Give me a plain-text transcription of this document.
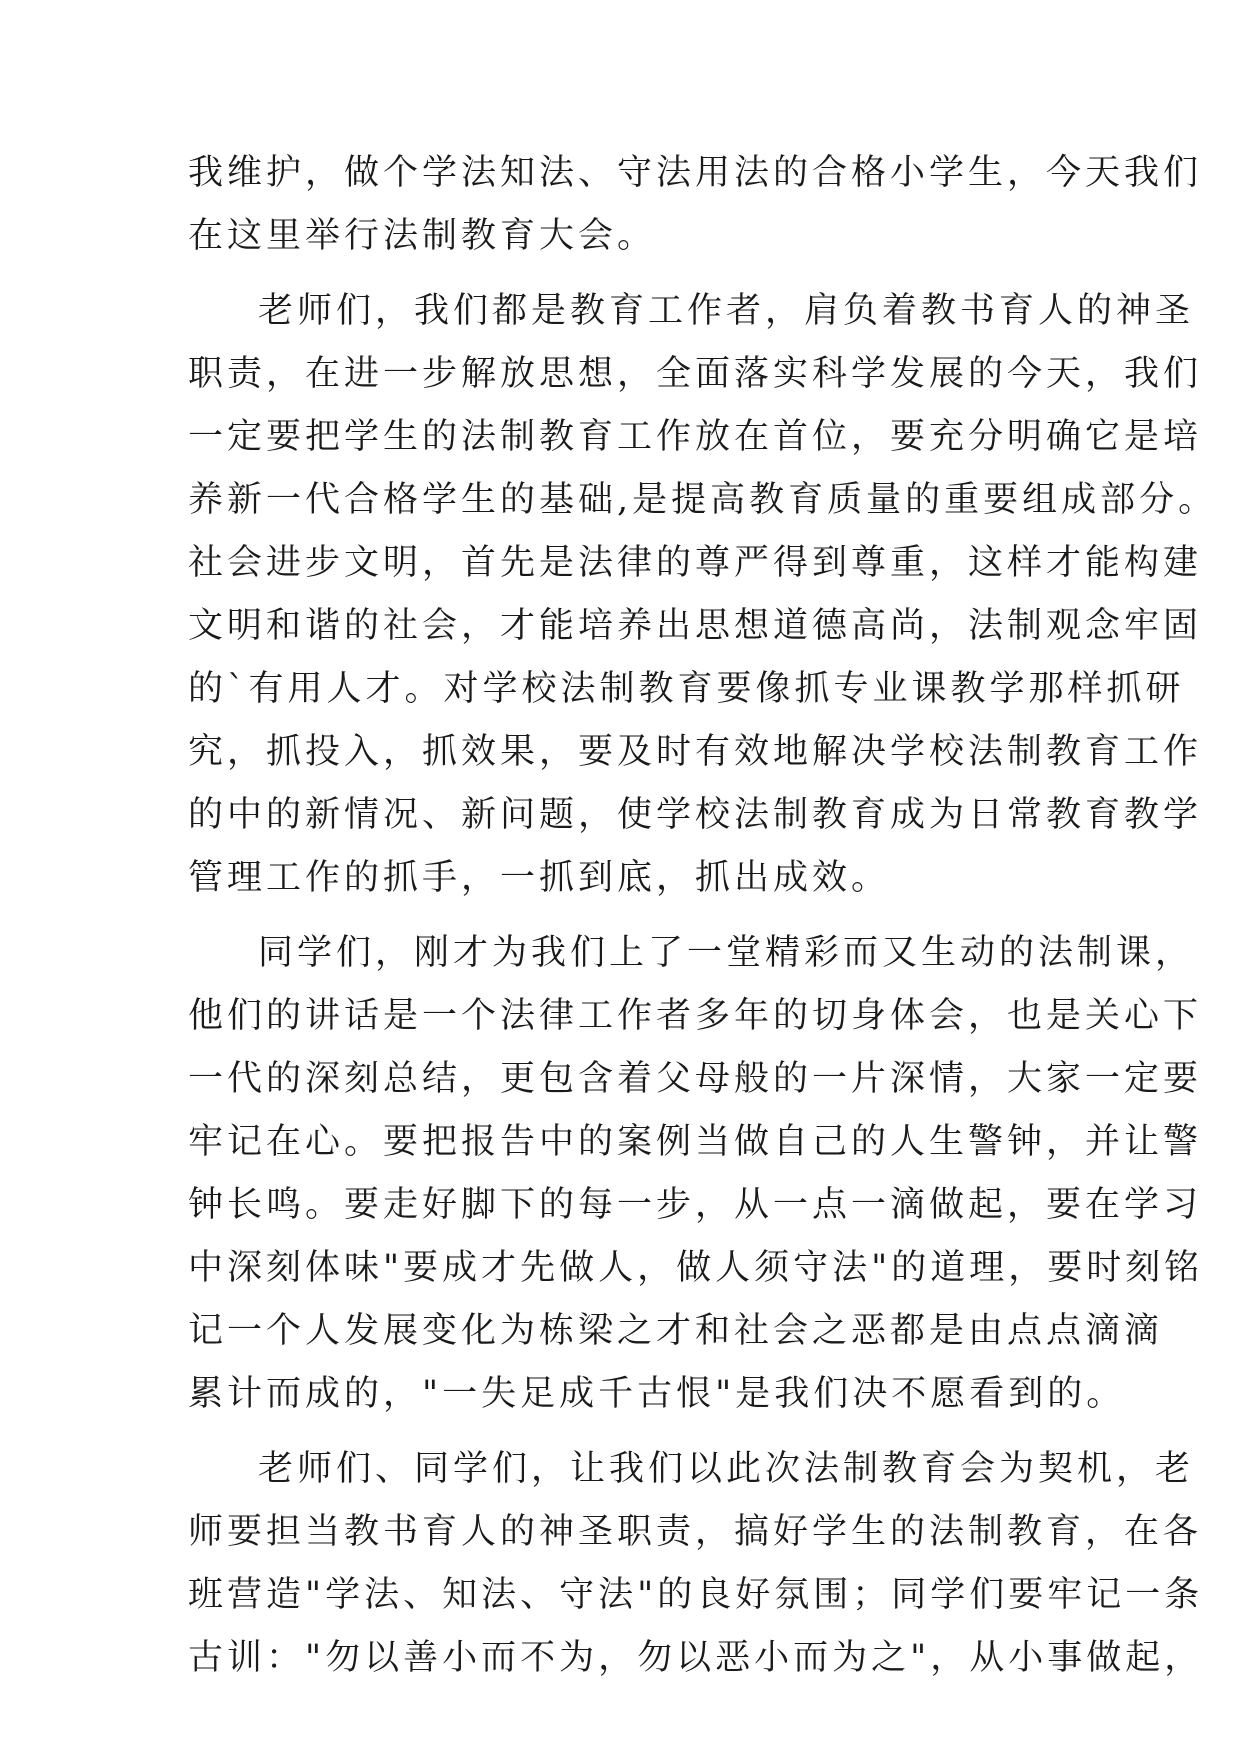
我维护，做个学法知法、守法用法的合格小学生，今天我们
在这里举行法制教育大会。
老师们，我们都是教育工作者，肩负着教书育人的神圣
职责，在进一步解放思想，全面落实科学发展的今天，我们
一定要把学生的法制教育工作放在首位，要充分明确它是培
养新一代合格学生的基础,是提高教育质量的重要组成部分。
社会进步文明，首先是法律的尊严得到尊重，这样才能构建
文明和谐的社会，才能培养出思想道德高尚，法制观念牢固
的`有用人才。对学校法制教育要像抓专业课教学那样抓研
究，抓投入，抓效果，要及时有效地解决学校法制教育工作
的中的新情况、新问题，使学校法制教育成为日常教育教学
管理工作的抓手，一抓到底，抓出成效。
同学们，刚才为我们上了一堂精彩而又生动的法制课，
他们的讲话是一个法律工作者多年的切身体会，也是关心下
一代的深刻总结，更包含着父母般的一片深情，大家一定要
牢记在心。要把报告中的案例当做自己的人生警钟，并让警
钟长鸣。要走好脚下的每一步，从一点一滴做起，要在学习
中深刻体味"要成才先做人，做人须守法"的道理，要时刻铭
记一个人发展变化为栋梁之才和社会之恶都是由点点滴滴
累计而成的，"一失足成千古恨"是我们决不愿看到的。
老师们、同学们，让我们以此次法制教育会为契机，老
师要担当教书育人的神圣职责，搞好学生的法制教育，在各
班营造"学法、知法、守法"的良好氛围；同学们要牢记一条
古训："勿以善小而不为，勿以恶小而为之"，从小事做起，
